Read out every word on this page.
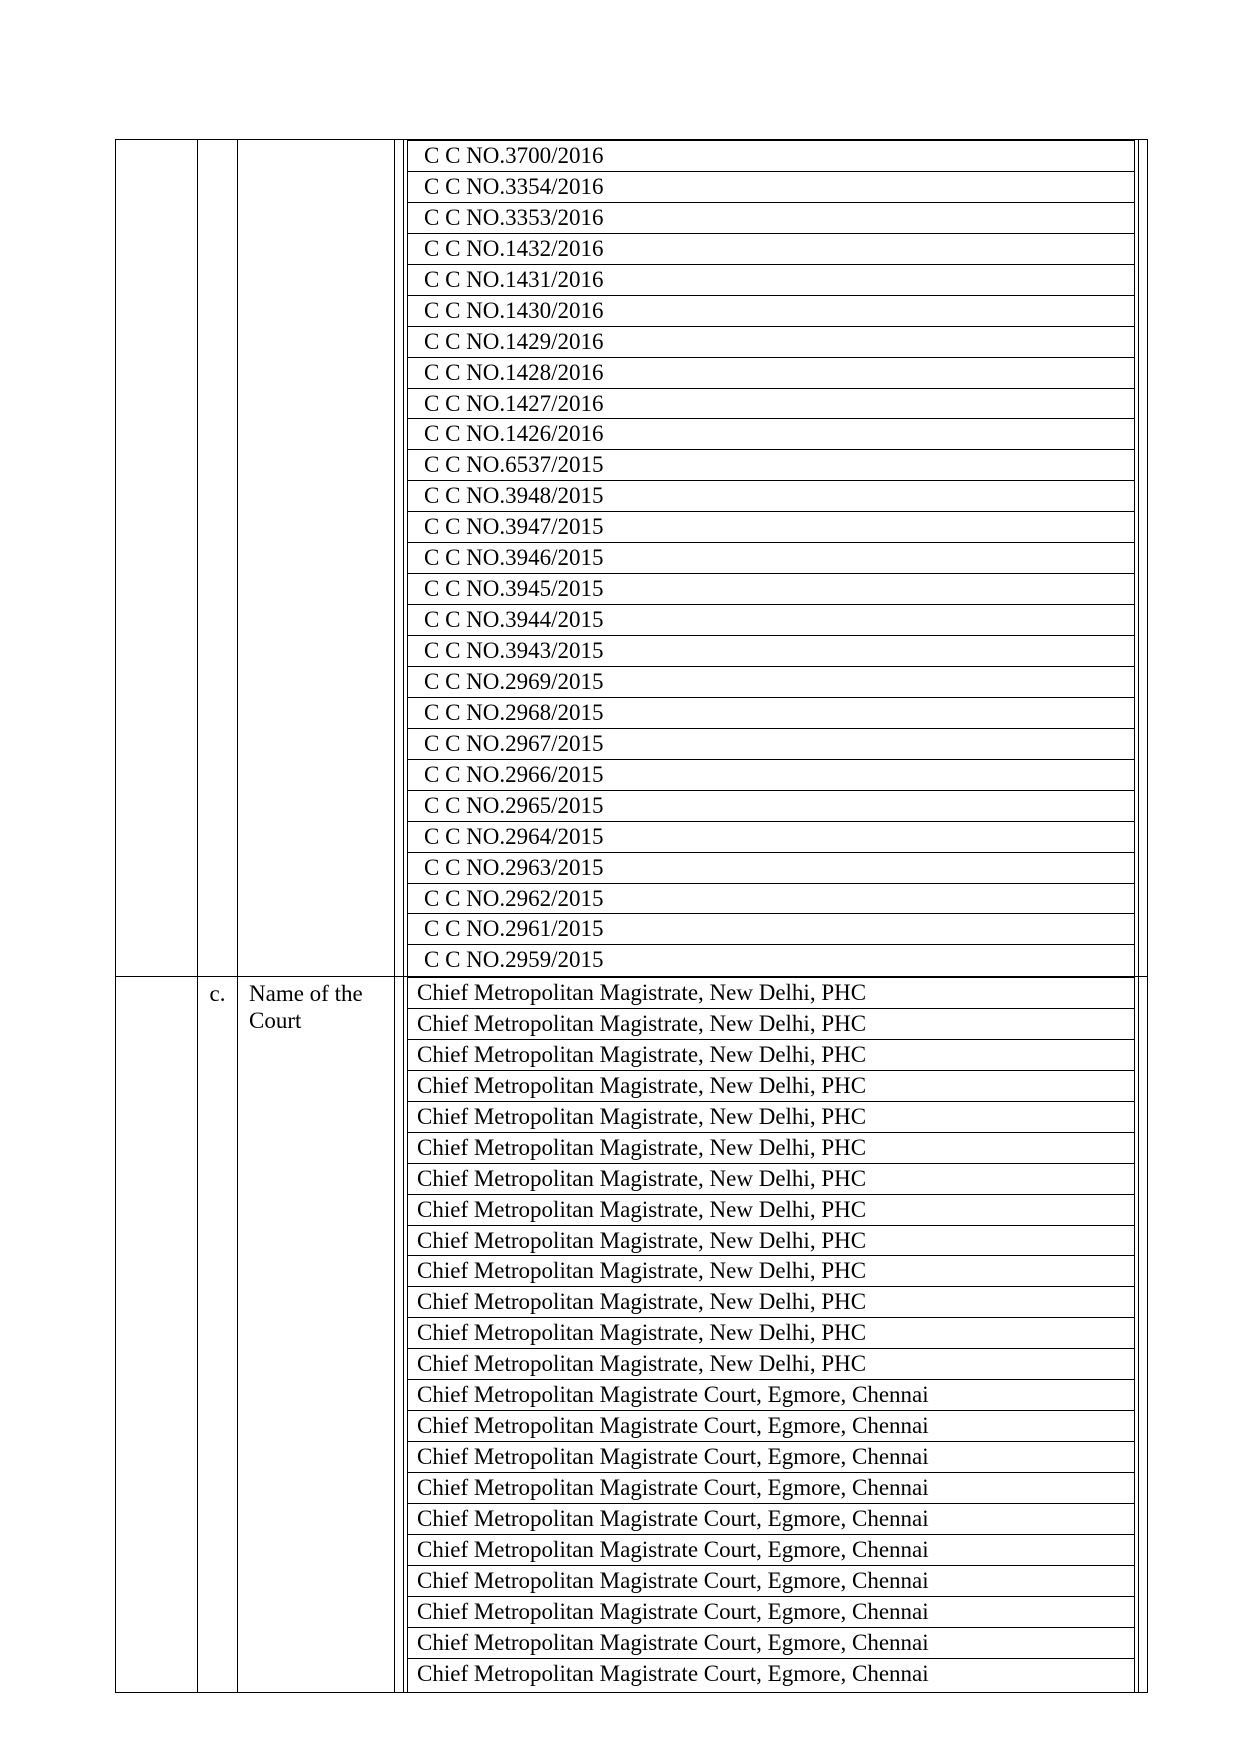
C C NO.3700/2016
C C NO.3354/2016
C C NO.3353/2016
C C NO.1432/2016
C C NO.1431/2016
C C NO.1430/2016
C C NO.1429/2016
C C NO.1428/2016
C C NO.1427/2016
C C NO.1426/2016
C C NO.6537/2015
C C NO.3948/2015
C C NO.3947/2015
C C NO.3946/2015
C C NO.3945/2015
C C NO.3944/2015
C C NO.3943/2015
C C NO.2969/2015
C C NO.2968/2015
C C NO.2967/2015
C C NO.2966/2015
C C NO.2965/2015
C C NO.2964/2015
C C NO.2963/2015
C C NO.2962/2015
C C NO.2961/2015
C C NO.2959/2015
c.	Name of the Court
Chief Metropolitan Magistrate, New Delhi, PHC
Chief Metropolitan Magistrate, New Delhi, PHC
Chief Metropolitan Magistrate, New Delhi, PHC
Chief Metropolitan Magistrate, New Delhi, PHC
Chief Metropolitan Magistrate, New Delhi, PHC
Chief Metropolitan Magistrate, New Delhi, PHC
Chief Metropolitan Magistrate, New Delhi, PHC
Chief Metropolitan Magistrate, New Delhi, PHC
Chief Metropolitan Magistrate, New Delhi, PHC
Chief Metropolitan Magistrate, New Delhi, PHC
Chief Metropolitan Magistrate, New Delhi, PHC
Chief Metropolitan Magistrate, New Delhi, PHC
Chief Metropolitan Magistrate, New Delhi, PHC
Chief Metropolitan Magistrate Court, Egmore, Chennai
Chief Metropolitan Magistrate Court, Egmore, Chennai
Chief Metropolitan Magistrate Court, Egmore, Chennai
Chief Metropolitan Magistrate Court, Egmore, Chennai
Chief Metropolitan Magistrate Court, Egmore, Chennai
Chief Metropolitan Magistrate Court, Egmore, Chennai
Chief Metropolitan Magistrate Court, Egmore, Chennai
Chief Metropolitan Magistrate Court, Egmore, Chennai
Chief Metropolitan Magistrate Court, Egmore, Chennai
Chief Metropolitan Magistrate Court, Egmore, Chennai
